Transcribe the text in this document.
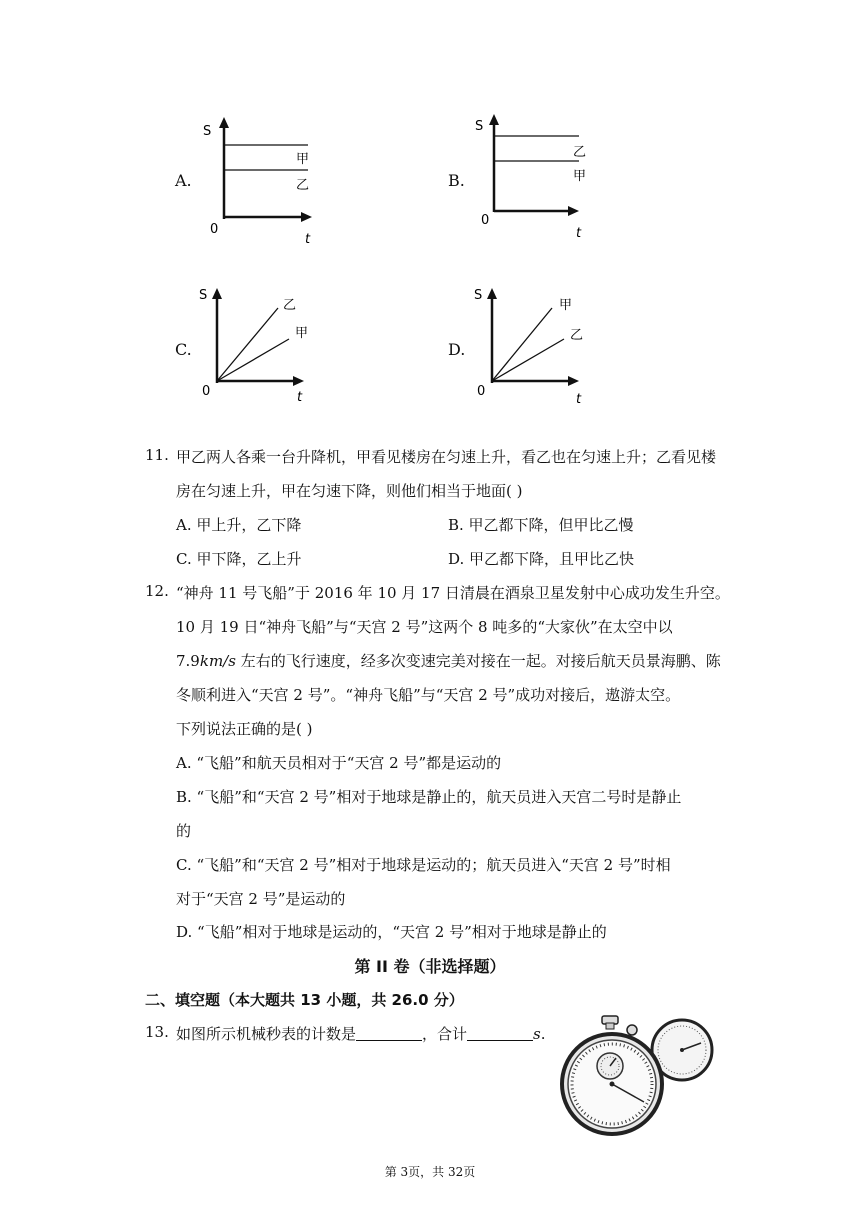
A.
S
t
0
甲
乙	B.
S
t
0
乙
甲
C.
S
t
0
乙
甲
D.
S
t
0
甲
乙
11. 甲乙两人各乘一台升降机，甲看见楼房在匀速上升，看乙也在匀速上升；乙看见楼
房在匀速上升，甲在匀速下降，则他们相当于地面( )
A. 甲上升，乙下降	B. 甲乙都下降，但甲比乙慢
C. 甲下降，乙上升	D. 甲乙都下降，且甲比乙快
12. “神舟 11 号飞船”于 2016 年 10 月 17 日清晨在酒泉卫星发射中心成功发生升空。
10 月 19 日“神舟飞船”与“天宫 2 号”这两个 8 吨多的“大家伙”在太空中以
7.9km/s 左右的飞行速度，经多次变速完美对接在一起。对接后航天员景海鹏、陈
冬顺利进入“天宫 2 号”。“神舟飞船”与“天宫 2 号”成功对接后，遨游太空。
下列说法正确的是( )
A. “飞船”和航天员相对于“天宫 2 号”都是运动的
B. “飞船”和“天宫 2 号”相对于地球是静止的，航天员进入天宫二号时是静止
的
C. “飞船”和“天宫 2 号”相对于地球是运动的；航天员进入“天宫 2 号”时相
对于“天宫 2 号”是运动的
D. “飞船”相对于地球是运动的，“天宫 2 号”相对于地球是静止的
第 II 卷（非选择题）
二、填空题（本大题共 13 小题，共 26.0 分）
13. 如图所示机械秒表的计数是	，合计	s.
第 3页，共 32页
